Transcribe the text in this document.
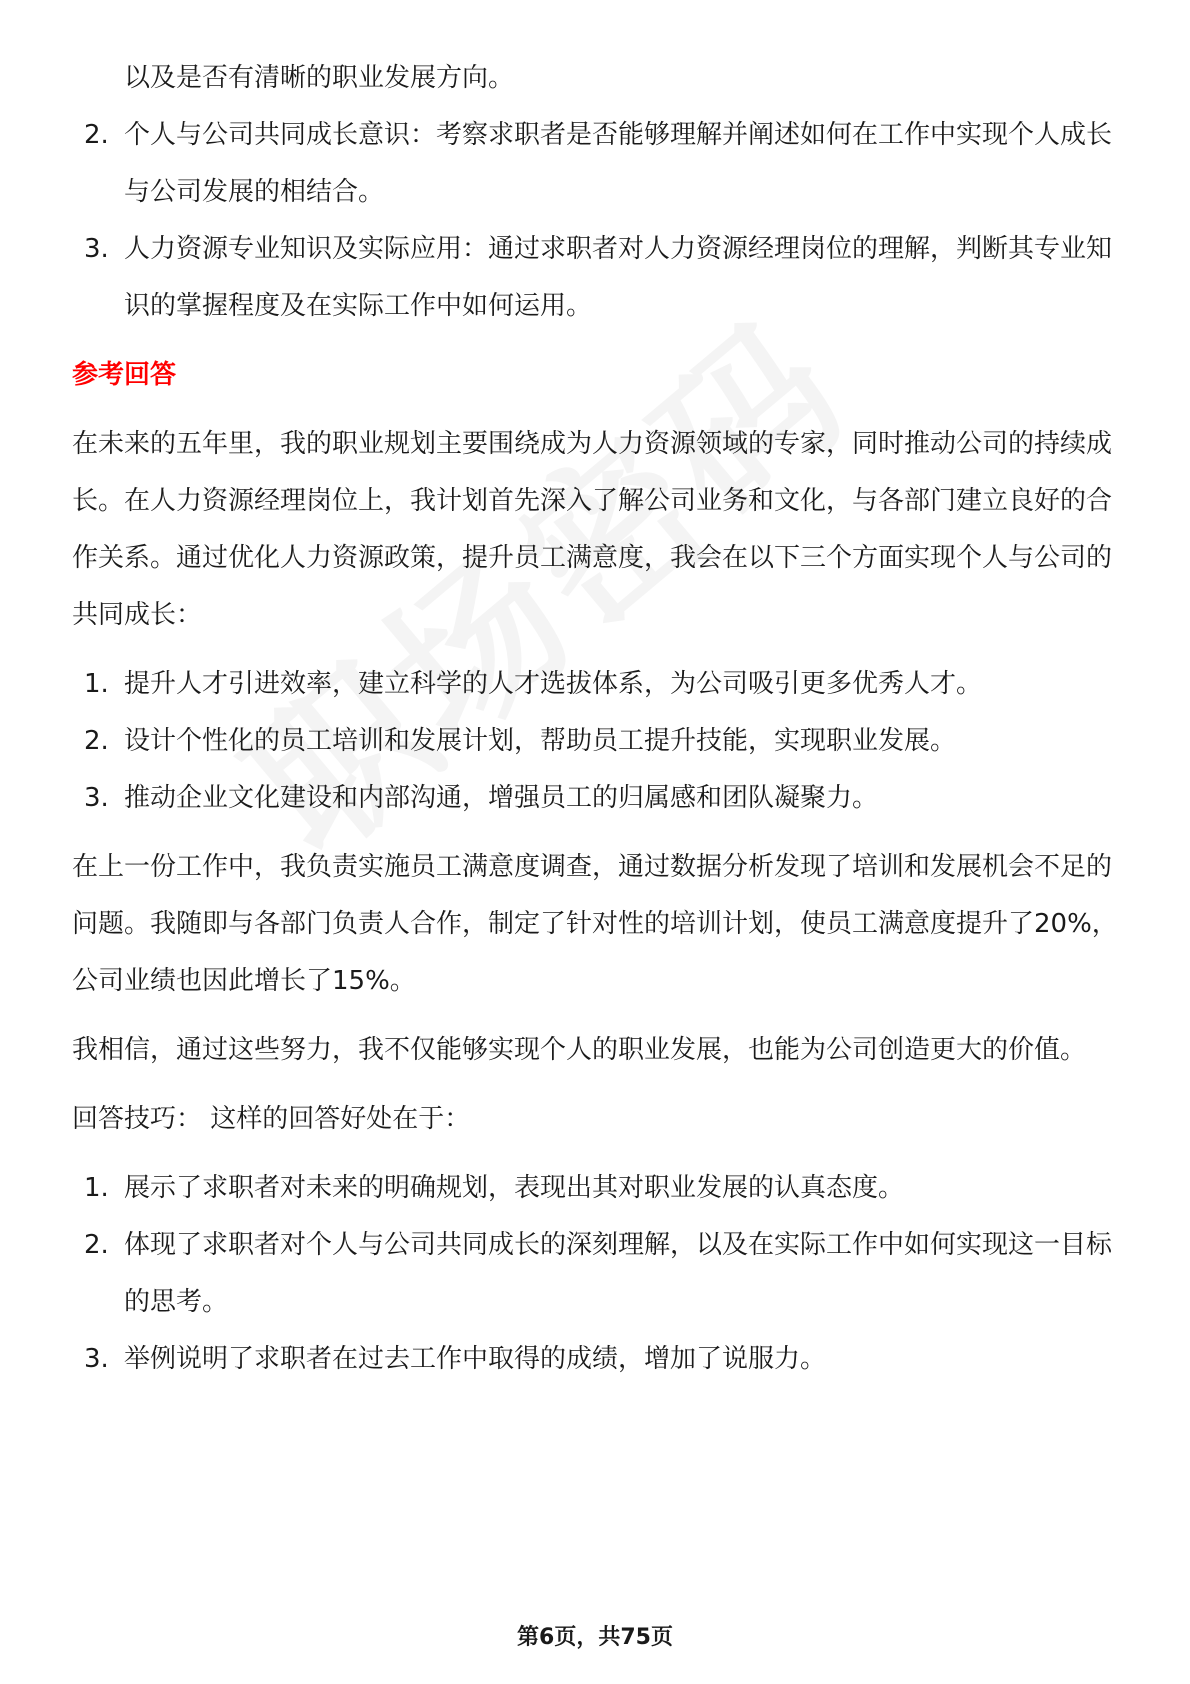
以及是否有清晰的职业发展方向。
2. 个人与公司共同成长意识：考察求职者是否能够理解并阐述如何在工作中实现个人成长与公司发展的相结合。
3. 人力资源专业知识及实际应用：通过求职者对人力资源经理岗位的理解，判断其专业知识的掌握程度及在实际工作中如何运用。
参考回答
在未来的五年里，我的职业规划主要围绕成为人力资源领域的专家，同时推动公司的持续成长。在人力资源经理岗位上，我计划首先深入了解公司业务和文化，与各部门建立良好的合作关系。通过优化人力资源政策，提升员工满意度，我会在以下三个方面实现个人与公司的共同成长：
1. 提升人才引进效率，建立科学的人才选拔体系，为公司吸引更多优秀人才。
2. 设计个性化的员工培训和发展计划，帮助员工提升技能，实现职业发展。
3. 推动企业文化建设和内部沟通，增强员工的归属感和团队凝聚力。
在上一份工作中，我负责实施员工满意度调查，通过数据分析发现了培训和发展机会不足的问题。我随即与各部门负责人合作，制定了针对性的培训计划，使员工满意度提升了20%，公司业绩也因此增长了15%。
我相信，通过这些努力，我不仅能够实现个人的职业发展，也能为公司创造更大的价值。
回答技巧： 这样的回答好处在于：
1. 展示了求职者对未来的明确规划，表现出其对职业发展的认真态度。
2. 体现了求职者对个人与公司共同成长的深刻理解，以及在实际工作中如何实现这一目标的思考。
3. 举例说明了求职者在过去工作中取得的成绩，增加了说服力。
第6页，共75页
